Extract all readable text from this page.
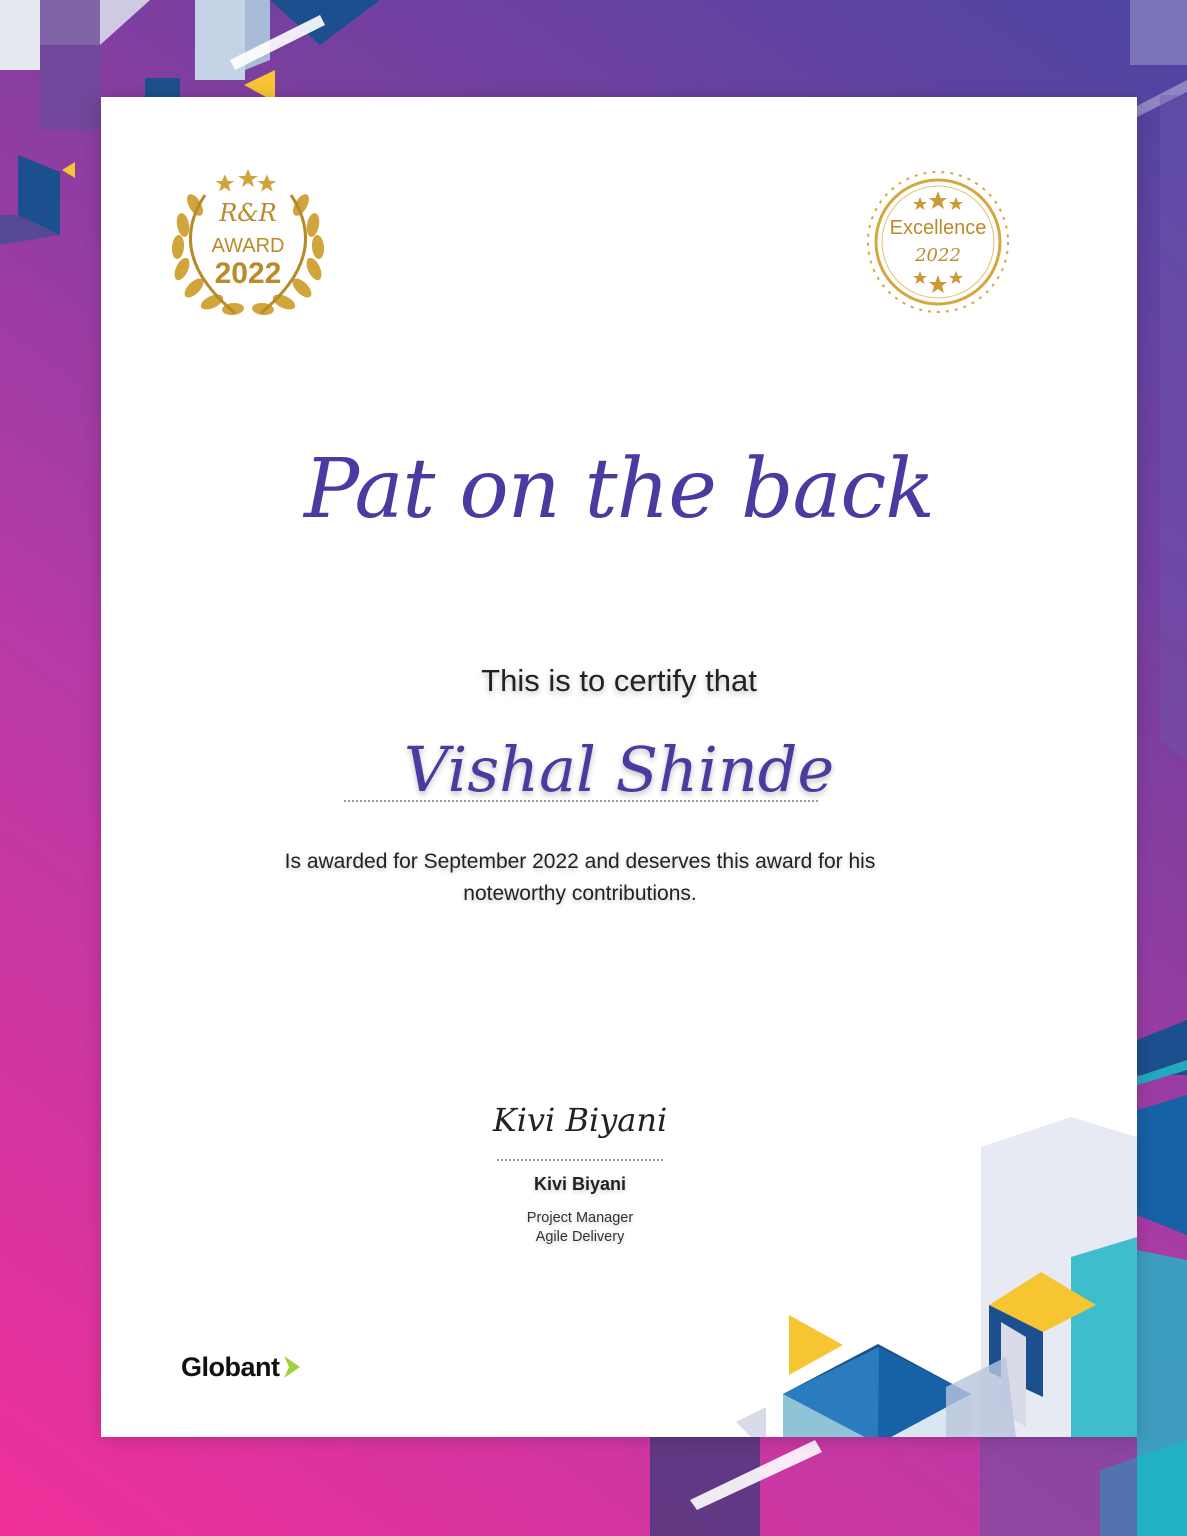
R&R
AWARD
2022
Excellence
2022
Pat on the back
This is to certify that
Vishal Shinde
Is awarded for September 2022 and deserves this award for his noteworthy contributions.
Kivi Biyani
Kivi Biyani
Project Manager
Agile Delivery
Globant
